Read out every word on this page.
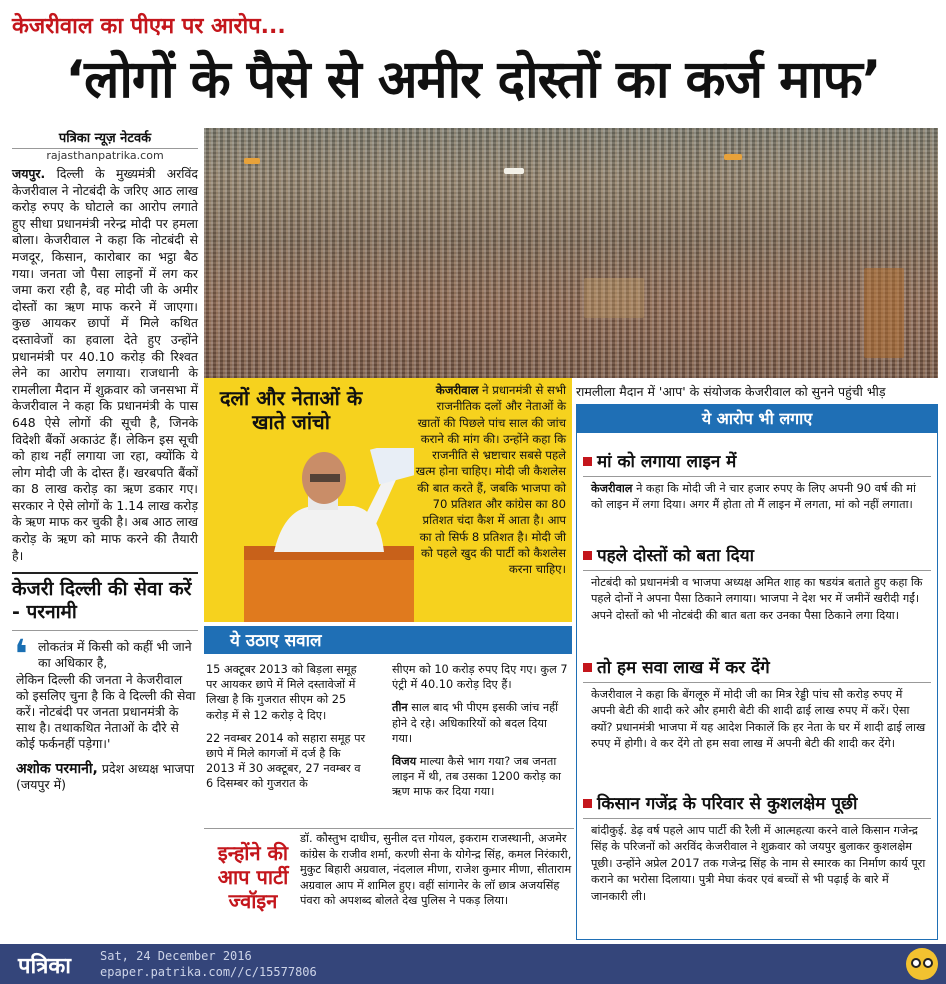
केजरीवाल का पीएम पर आरोप...
‘लोगों के पैसे से अमीर दोस्तों का कर्ज माफ’
पत्रिका न्यूज़ नेटवर्क
rajasthanpatrika.com
जयपुर. दिल्ली के मुख्यमंत्री अरविंद केजरीवाल ने नोटबंदी के जरिए आठ लाख करोड़ रुपए के घोटाले का आरोप लगाते हुए सीधा प्रधानमंत्री नरेन्द्र मोदी पर हमला बोला। केजरीवाल ने कहा कि नोटबंदी से मजदूर, किसान, कारोबार का भट्ठा बैठ गया। जनता जो पैसा लाइनों में लग कर जमा करा रही है, वह मोदी जी के अमीर दोस्तों का ऋण माफ करने में जाएगा। कुछ आयकर छापों में मिले कथित दस्तावेजों का हवाला देते हुए उन्होंने प्रधानमंत्री पर 40.10 करोड़ की रिश्वत लेने का आरोप लगाया। राजधानी के रामलीला मैदान में शुक्रवार को जनसभा में केजरीवाल ने कहा कि प्रधानमंत्री के पास 648 ऐसे लोगों की सूची है, जिनके विदेशी बैंकों अकाउंट हैं। लेकिन इस सूची को हाथ नहीं लगाया जा रहा, क्योंकि ये लोग मोदी जी के दोस्त हैं। खरबपति बैंकों का 8 लाख करोड़ का ऋण डकार गए। सरकार ने ऐसे लोगों के 1.14 लाख करोड़ के ऋण माफ कर चुकी है। अब आठ लाख करोड़ के ऋण को माफ करने की तैयारी है।
केजरी दिल्ली की सेवा करें - परनामी
❛ लोकतंत्र में किसी को कहीं भी जाने का अधिकार है,
लेकिन दिल्ली की जनता ने केजरीवाल को इसलिए चुना है कि वे दिल्ली की सेवा करें। नोटबंदी पर जनता प्रधानमंत्री के साथ है। तथाकथित नेताओं के दौरे से कोई फर्कनहीं पड़ेगा।'
अशोक परमानी, प्रदेश अध्यक्ष भाजपा (जयपुर में)
रामलीला मैदान में 'आप' के संयोजक केजरीवाल को सुनने पहुंची भीड़
दलों और नेताओं के खाते जांचो
केजरीवाल ने प्रधानमंत्री से सभी राजनीतिक दलों और नेताओं के खातों की पिछले पांच साल की जांच कराने की मांग की। उन्होंने कहा कि राजनीति से भ्रष्टाचार सबसे पहले खत्म होना चाहिए। मोदी जी कैशलेस की बात करते हैं, जबकि भाजपा को 70 प्रतिशत और कांग्रेस का 80 प्रतिशत चंदा कैश में आता है। आप का तो सिर्फ 8 प्रतिशत है। मोदी जी को पहले खुद की पार्टी को कैशलेस करना चाहिए।
ये उठाए सवाल

15 अक्टूबर 2013 को बिड़ला समूह पर आयकर छापे में मिले दस्तावेजों में लिखा है कि गुजरात सीएम को 25 करोड़ में से 12 करोड़ दे दिए।

22 नवम्बर 2014 को सहारा समूह पर छापे में मिले कागजों में दर्ज है कि 2013 में 30 अक्टूबर, 27 नवम्बर व 6 दिसम्बर को गुजरात के

सीएम को 10 करोड़ रुपए दिए गए। कुल 7 एंट्री में 40.10 करोड़ दिए हैं।

तीन साल बाद भी पीएम इसकी जांच नहीं होने दे रहे। अधिकारियों को बदल दिया गया।

विजय माल्या कैसे भाग गया? जब जनता लाइन में थी, तब उसका 1200 करोड़ का ऋण माफ कर दिया गया।

इन्होंने की आप पार्टी ज्वॉइन
डॉ. कौस्तुभ दाधीच, सुनील दत्त गोयल, इकराम राजस्थानी, अजमेर कांग्रेस के राजीव शर्मा, करणी सेना के योगेन्द्र सिंह, कमल निरंकारी, मुकुट बिहारी अग्रवाल, नंदलाल मीणा, राजेश कुमार मीणा, सीताराम अग्रवाल आप में शामिल हुए। वहीं सांगानेर के लॉ छात्र अजयसिंह पंवरा को अपशब्द बोलते देख पुलिस ने पकड़ लिया।
ये आरोप भी लगाए
मां को लगाया लाइन में
केजरीवाल ने कहा कि मोदी जी ने चार हजार रुपए के लिए अपनी 90 वर्ष की मां को लाइन में लगा दिया। अगर मैं होता तो मैं लाइन में लगता, मां को नहीं लगाता।
पहले दोस्तों को बता दिया
नोटबंदी को प्रधानमंत्री व भाजपा अध्यक्ष अमित शाह का षडयंत्र बताते हुए कहा कि पहले दोनों ने अपना पैसा ठिकाने लगाया। भाजपा ने देश भर में जमीनें खरीदी गईं। अपने दोस्तों को भी नोटबंदी की बात बता कर उनका पैसा ठिकाने लगा दिया।
तो हम सवा लाख में कर देंगे
केजरीवाल ने कहा कि बेंगलूरु में मोदी जी का मित्र रेड्डी पांच सौ करोड़ रुपए में अपनी बेटी की शादी करे और हमारी बेटी की शादी ढाई लाख रुपए में करें। ऐसा क्यों? प्रधानमंत्री भाजपा में यह आदेश निकालें कि हर नेता के घर में शादी ढाई लाख रुपए में होगी। वे कर देंगे तो हम सवा लाख में अपनी बेटी की शादी कर देंगे।
किसान गजेंद्र के परिवार से कुशलक्षेम पूछी
बांदीकुई. डेढ़ वर्ष पहले आप पार्टी की रैली में आत्महत्या करने वाले किसान गजेन्द्र सिंह के परिजनों को अरविंद केजरीवाल ने शुक्रवार को जयपुर बुलाकर कुशलक्षेम पूछी। उन्होंने अप्रेल 2017 तक गजेन्द्र सिंह के नाम से स्मारक का निर्माण कार्य पूरा कराने का भरोसा दिलाया। पुत्री मेघा कंवर एवं बच्चों से भी पढ़ाई के बारे में जानकारी ली।
पत्रिका Sat, 24 December 2016
epaper.patrika.com//c/15577806
